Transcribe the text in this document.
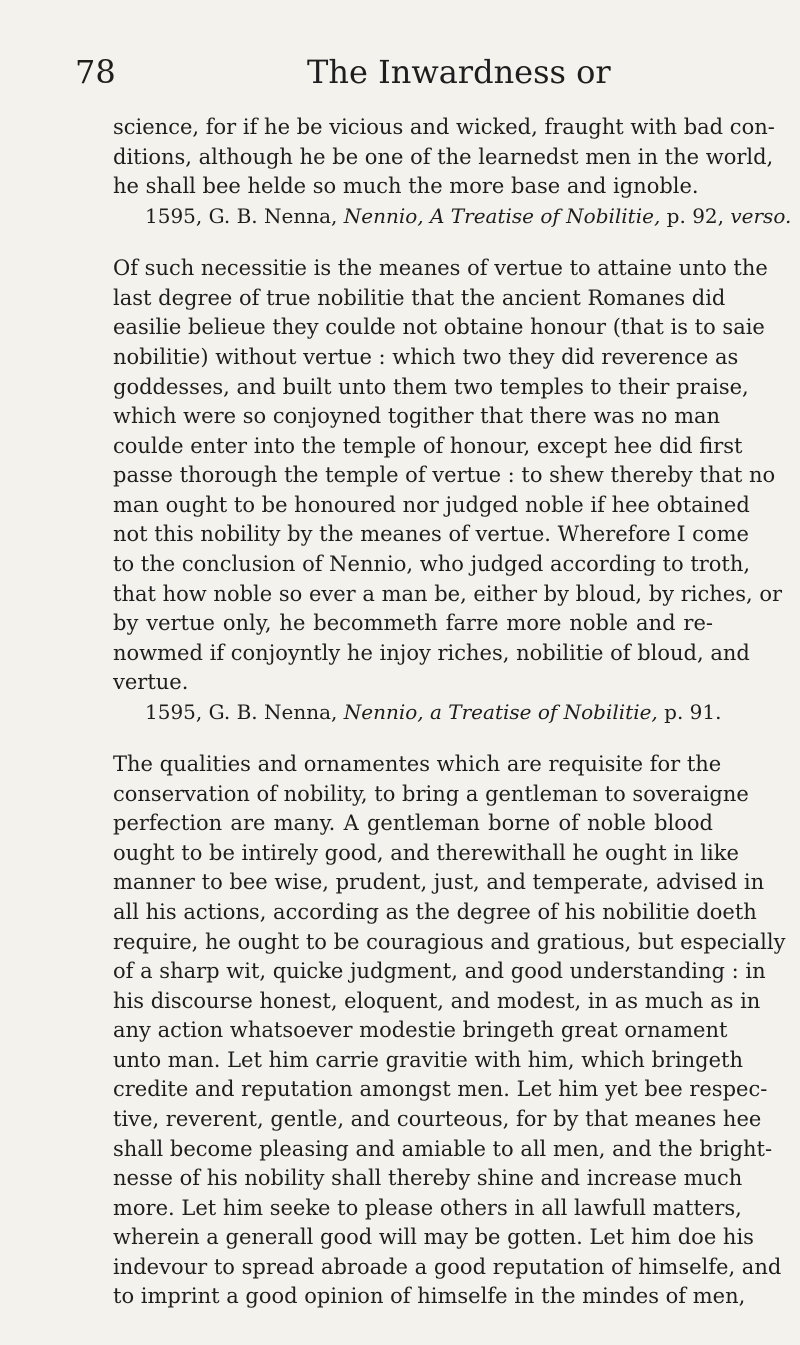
78	The Inwardness or
science, for if he be vicious and wicked, fraught with bad con-
ditions, although he be one of the learnedst men in the world,
he shall bee helde so much the more base and ignoble.
1595, G. B. Nenna, Nennio, A Treatise of Nobilitie, p. 92, verso.
Of such necessitie is the meanes of vertue to attaine unto the
last degree of true nobilitie that the ancient Romanes did
easilie belieue they coulde not obtaine honour (that is to saie
nobilitie) without vertue : which two they did reverence as
goddesses, and built unto them two temples to their praise,
which were so conjoyned togither that there was no man
coulde enter into the temple of honour, except hee did first
passe thorough the temple of vertue : to shew thereby that no
man ought to be honoured nor judged noble if hee obtained
not this nobility by the meanes of vertue. Wherefore I come
to the conclusion of Nennio, who judged according to troth,
that how noble so ever a man be, either by bloud, by riches, or
by vertue only, he becommeth farre more noble and re-
nowmed if conjoyntly he injoy riches, nobilitie of bloud, and
vertue.
1595, G. B. Nenna, Nennio, a Treatise of Nobilitie, p. 91.
The qualities and ornamentes which are requisite for the
conservation of nobility, to bring a gentleman to soveraigne
perfection are many. A gentleman borne of noble blood
ought to be intirely good, and therewithall he ought in like
manner to bee wise, prudent, just, and temperate, advised in
all his actions, according as the degree of his nobilitie doeth
require, he ought to be couragious and gratious, but especially
of a sharp wit, quicke judgment, and good understanding : in
his discourse honest, eloquent, and modest, in as much as in
any action whatsoever modestie bringeth great ornament
unto man. Let him carrie gravitie with him, which bringeth
credite and reputation amongst men. Let him yet bee respec-
tive, reverent, gentle, and courteous, for by that meanes hee
shall become pleasing and amiable to all men, and the bright-
nesse of his nobility shall thereby shine and increase much
more. Let him seeke to please others in all lawfull matters,
wherein a generall good will may be gotten. Let him doe his
indevour to spread abroade a good reputation of himselfe, and
to imprint a good opinion of himselfe in the mindes of men,
